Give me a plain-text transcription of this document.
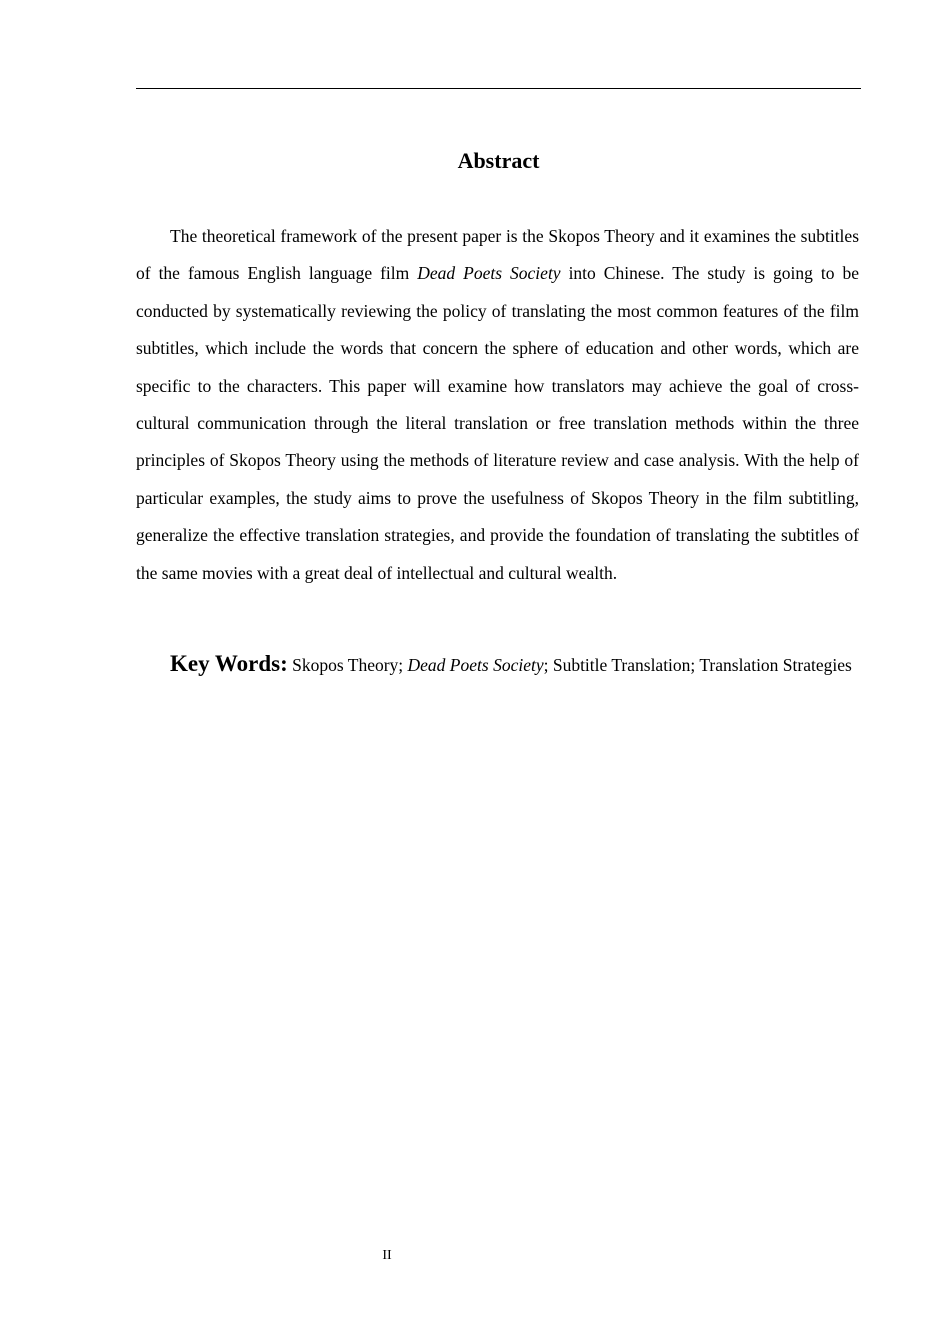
Abstract

The theoretical framework of the present paper is the Skopos Theory and it examines the subtitles of the famous English language film Dead Poets Society into Chinese. The study is going to be conducted by systematically reviewing the policy of translating the most common features of the film subtitles, which include the words that concern the sphere of education and other words, which are specific to the characters. This paper will examine how translators may achieve the goal of cross-cultural communication through the literal translation or free translation methods within the three principles of Skopos Theory using the methods of literature review and case analysis. With the help of particular examples, the study aims to prove the usefulness of Skopos Theory in the film subtitling, generalize the effective translation strategies, and provide the foundation of translating the subtitles of the same movies with a great deal of intellectual and cultural wealth.

Key Words: Skopos Theory; Dead Poets Society; Subtitle Translation; Translation Strategies

II
